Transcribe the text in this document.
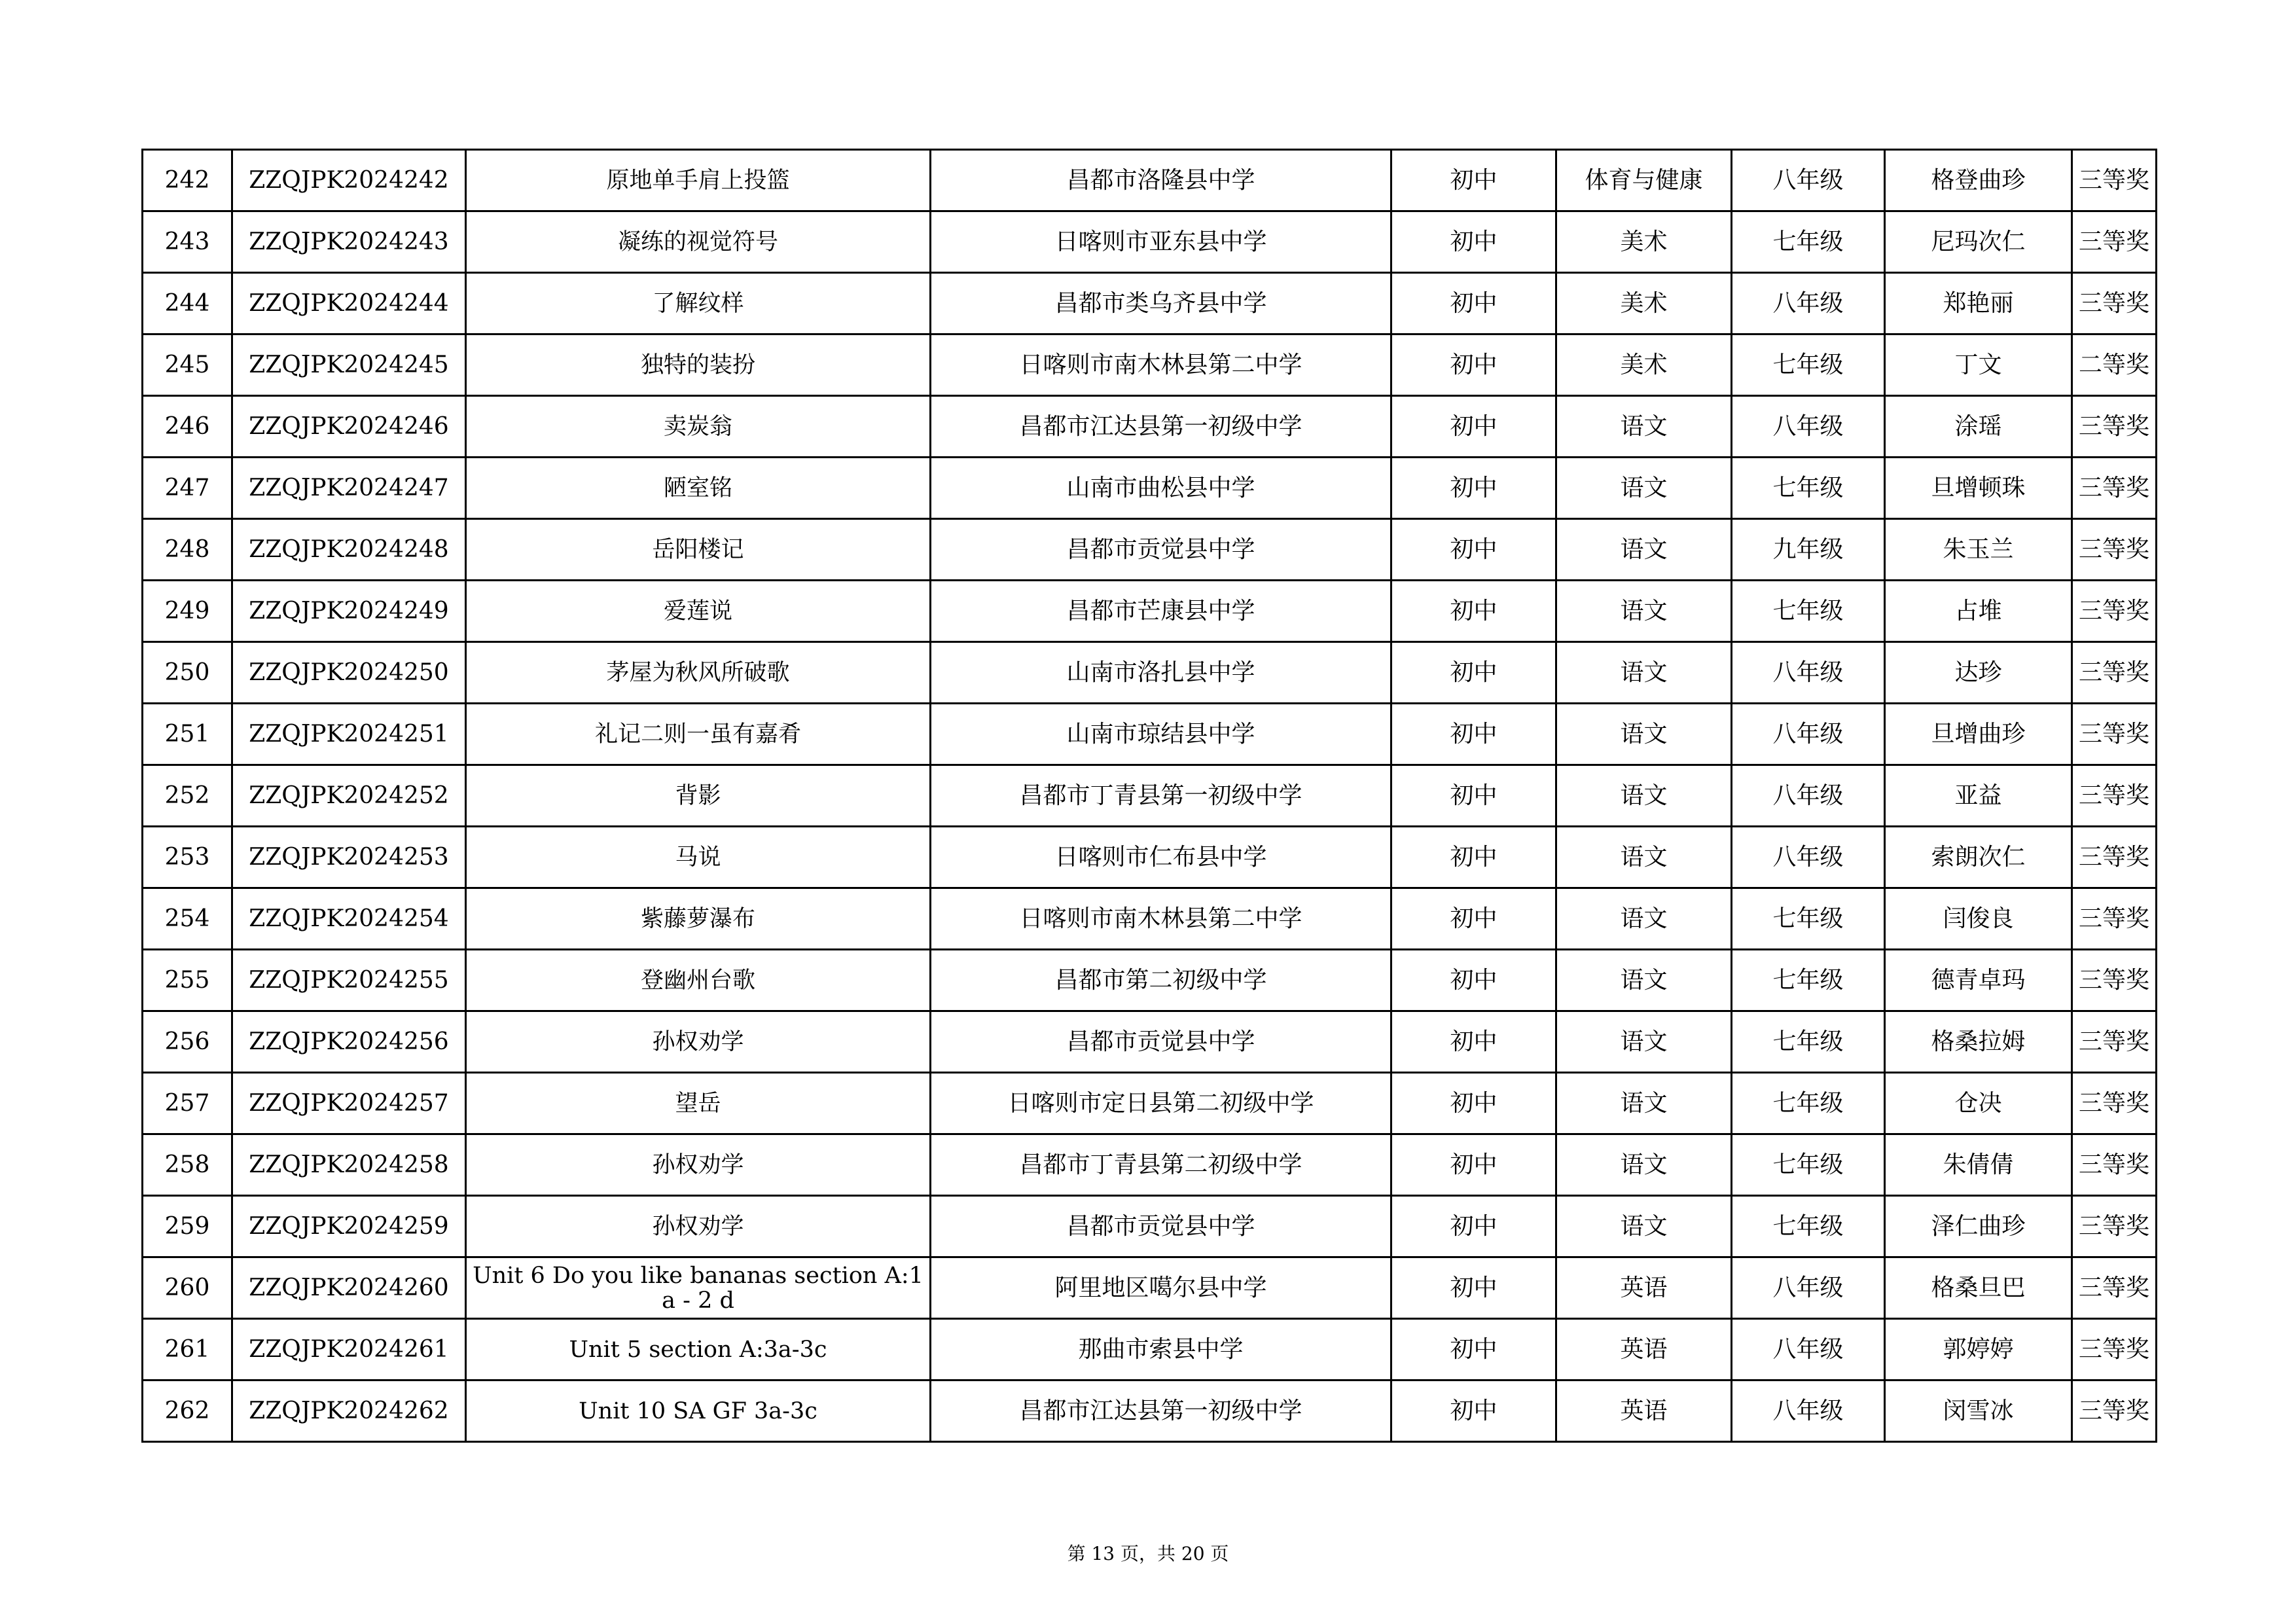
242	ZZQJPK2024242	原地单手肩上投篮	昌都市洛隆县中学	初中	体育与健康	八年级	格登曲珍	三等奖
243	ZZQJPK2024243	凝练的视觉符号	日喀则市亚东县中学	初中	美术	七年级	尼玛次仁	三等奖
244	ZZQJPK2024244	了解纹样	昌都市类乌齐县中学	初中	美术	八年级	郑艳丽	三等奖
245	ZZQJPK2024245	独特的装扮	日喀则市南木林县第二中学	初中	美术	七年级	丁文	二等奖
246	ZZQJPK2024246	卖炭翁	昌都市江达县第一初级中学	初中	语文	八年级	涂瑶	三等奖
247	ZZQJPK2024247	陋室铭	山南市曲松县中学	初中	语文	七年级	旦增顿珠	三等奖
248	ZZQJPK2024248	岳阳楼记	昌都市贡觉县中学	初中	语文	九年级	朱玉兰	三等奖
249	ZZQJPK2024249	爱莲说	昌都市芒康县中学	初中	语文	七年级	占堆	三等奖
250	ZZQJPK2024250	茅屋为秋风所破歌	山南市洛扎县中学	初中	语文	八年级	达珍	三等奖
251	ZZQJPK2024251	礼记二则一虽有嘉肴	山南市琼结县中学	初中	语文	八年级	旦增曲珍	三等奖
252	ZZQJPK2024252	背影	昌都市丁青县第一初级中学	初中	语文	八年级	亚益	三等奖
253	ZZQJPK2024253	马说	日喀则市仁布县中学	初中	语文	八年级	索朗次仁	三等奖
254	ZZQJPK2024254	紫藤萝瀑布	日喀则市南木林县第二中学	初中	语文	七年级	闫俊良	三等奖
255	ZZQJPK2024255	登幽州台歌	昌都市第二初级中学	初中	语文	七年级	德青卓玛	三等奖
256	ZZQJPK2024256	孙权劝学	昌都市贡觉县中学	初中	语文	七年级	格桑拉姆	三等奖
257	ZZQJPK2024257	望岳	日喀则市定日县第二初级中学	初中	语文	七年级	仓决	三等奖
258	ZZQJPK2024258	孙权劝学	昌都市丁青县第二初级中学	初中	语文	七年级	朱倩倩	三等奖
259	ZZQJPK2024259	孙权劝学	昌都市贡觉县中学	初中	语文	七年级	泽仁曲珍	三等奖
260	ZZQJPK2024260	Unit 6 Do you like bananas section A:1 a - 2 d	阿里地区噶尔县中学	初中	英语	八年级	格桑旦巴	三等奖
261	ZZQJPK2024261	Unit 5 section A:3a-3c	那曲市索县中学	初中	英语	八年级	郭婷婷	三等奖
262	ZZQJPK2024262	Unit 10 SA GF 3a-3c	昌都市江达县第一初级中学	初中	英语	八年级	闵雪冰	三等奖
第 13 页，共 20 页
